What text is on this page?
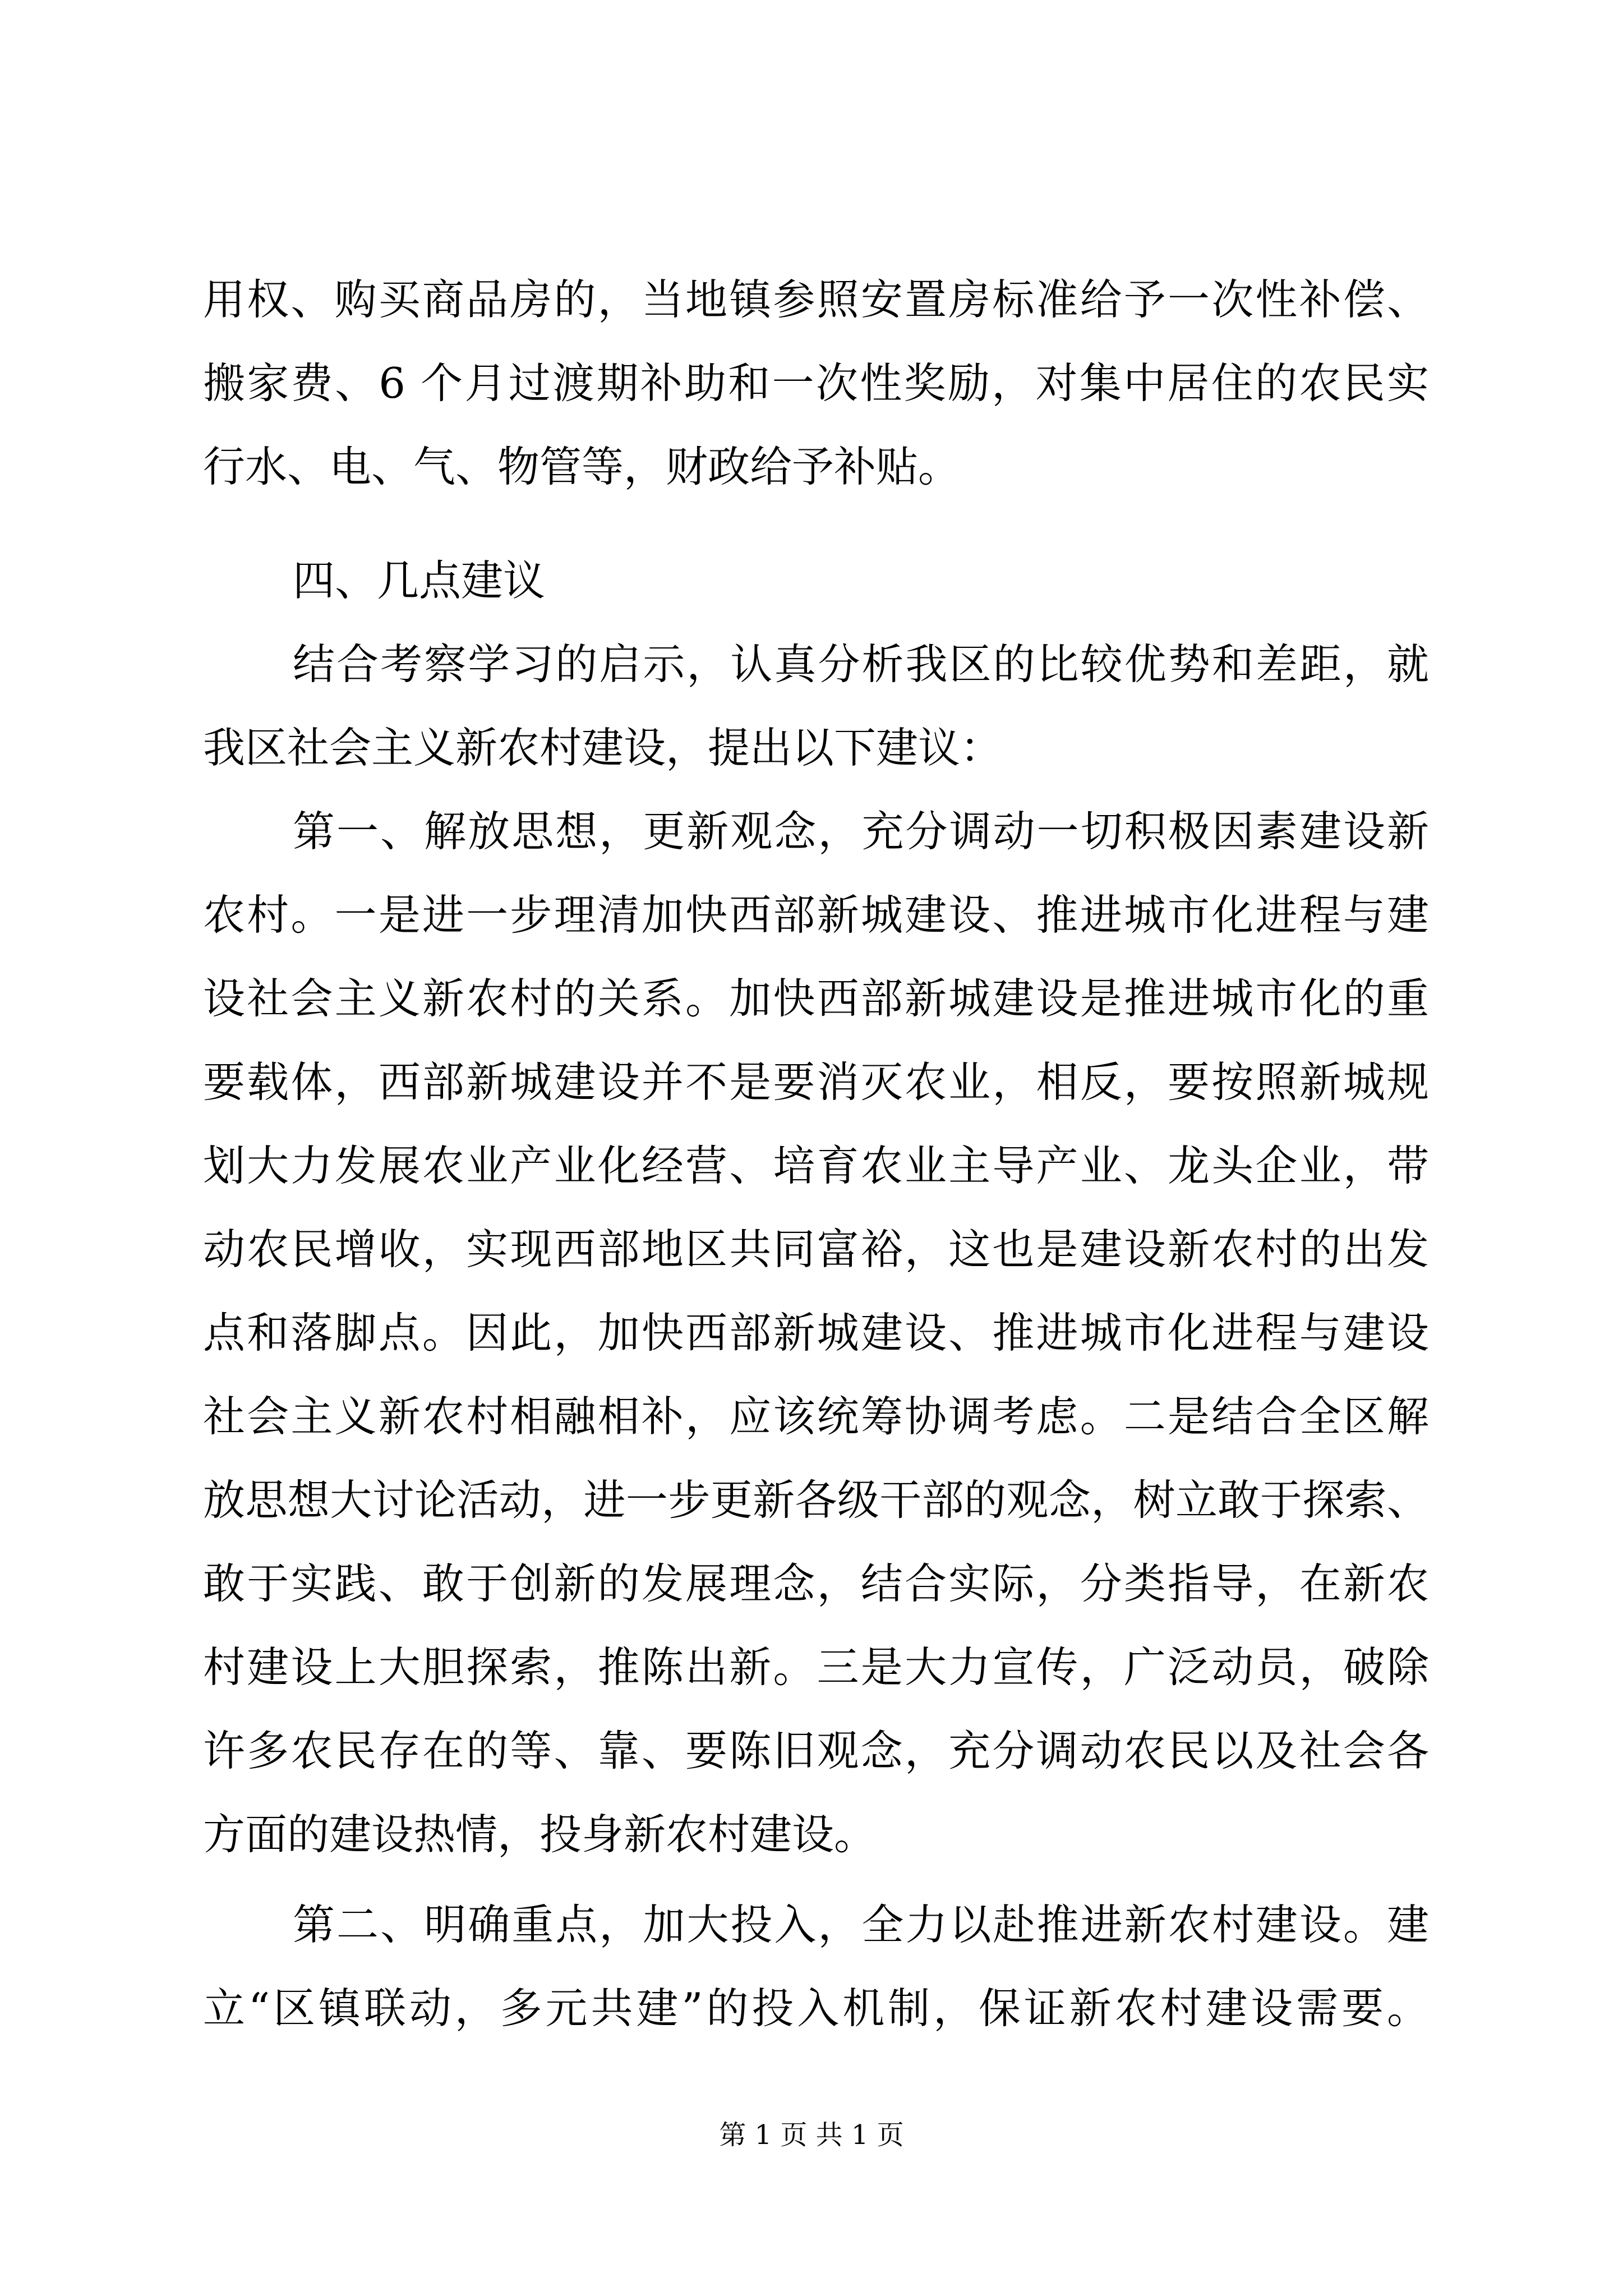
用权、购买商品房的，当地镇参照安置房标准给予一次性补偿、
搬家费、6 个月过渡期补助和一次性奖励，对集中居住的农民实
行水、电、气、物管等，财政给予补贴。
四、几点建议
结合考察学习的启示，认真分析我区的比较优势和差距，就
我区社会主义新农村建设，提出以下建议：
第一、解放思想，更新观念，充分调动一切积极因素建设新
农村。一是进一步理清加快西部新城建设、推进城市化进程与建
设社会主义新农村的关系。加快西部新城建设是推进城市化的重
要载体，西部新城建设并不是要消灭农业，相反，要按照新城规
划大力发展农业产业化经营、培育农业主导产业、龙头企业，带
动农民增收，实现西部地区共同富裕，这也是建设新农村的出发
点和落脚点。因此，加快西部新城建设、推进城市化进程与建设
社会主义新农村相融相补，应该统筹协调考虑。二是结合全区解
放思想大讨论活动，进一步更新各级干部的观念，树立敢于探索、
敢于实践、敢于创新的发展理念，结合实际，分类指导，在新农
村建设上大胆探索，推陈出新。三是大力宣传，广泛动员，破除
许多农民存在的等、靠、要陈旧观念，充分调动农民以及社会各
方面的建设热情，投身新农村建设。
第二、明确重点，加大投入，全力以赴推进新农村建设。建
立“区镇联动，多元共建”的投入机制，保证新农村建设需要。
第 1 页 共 1 页
